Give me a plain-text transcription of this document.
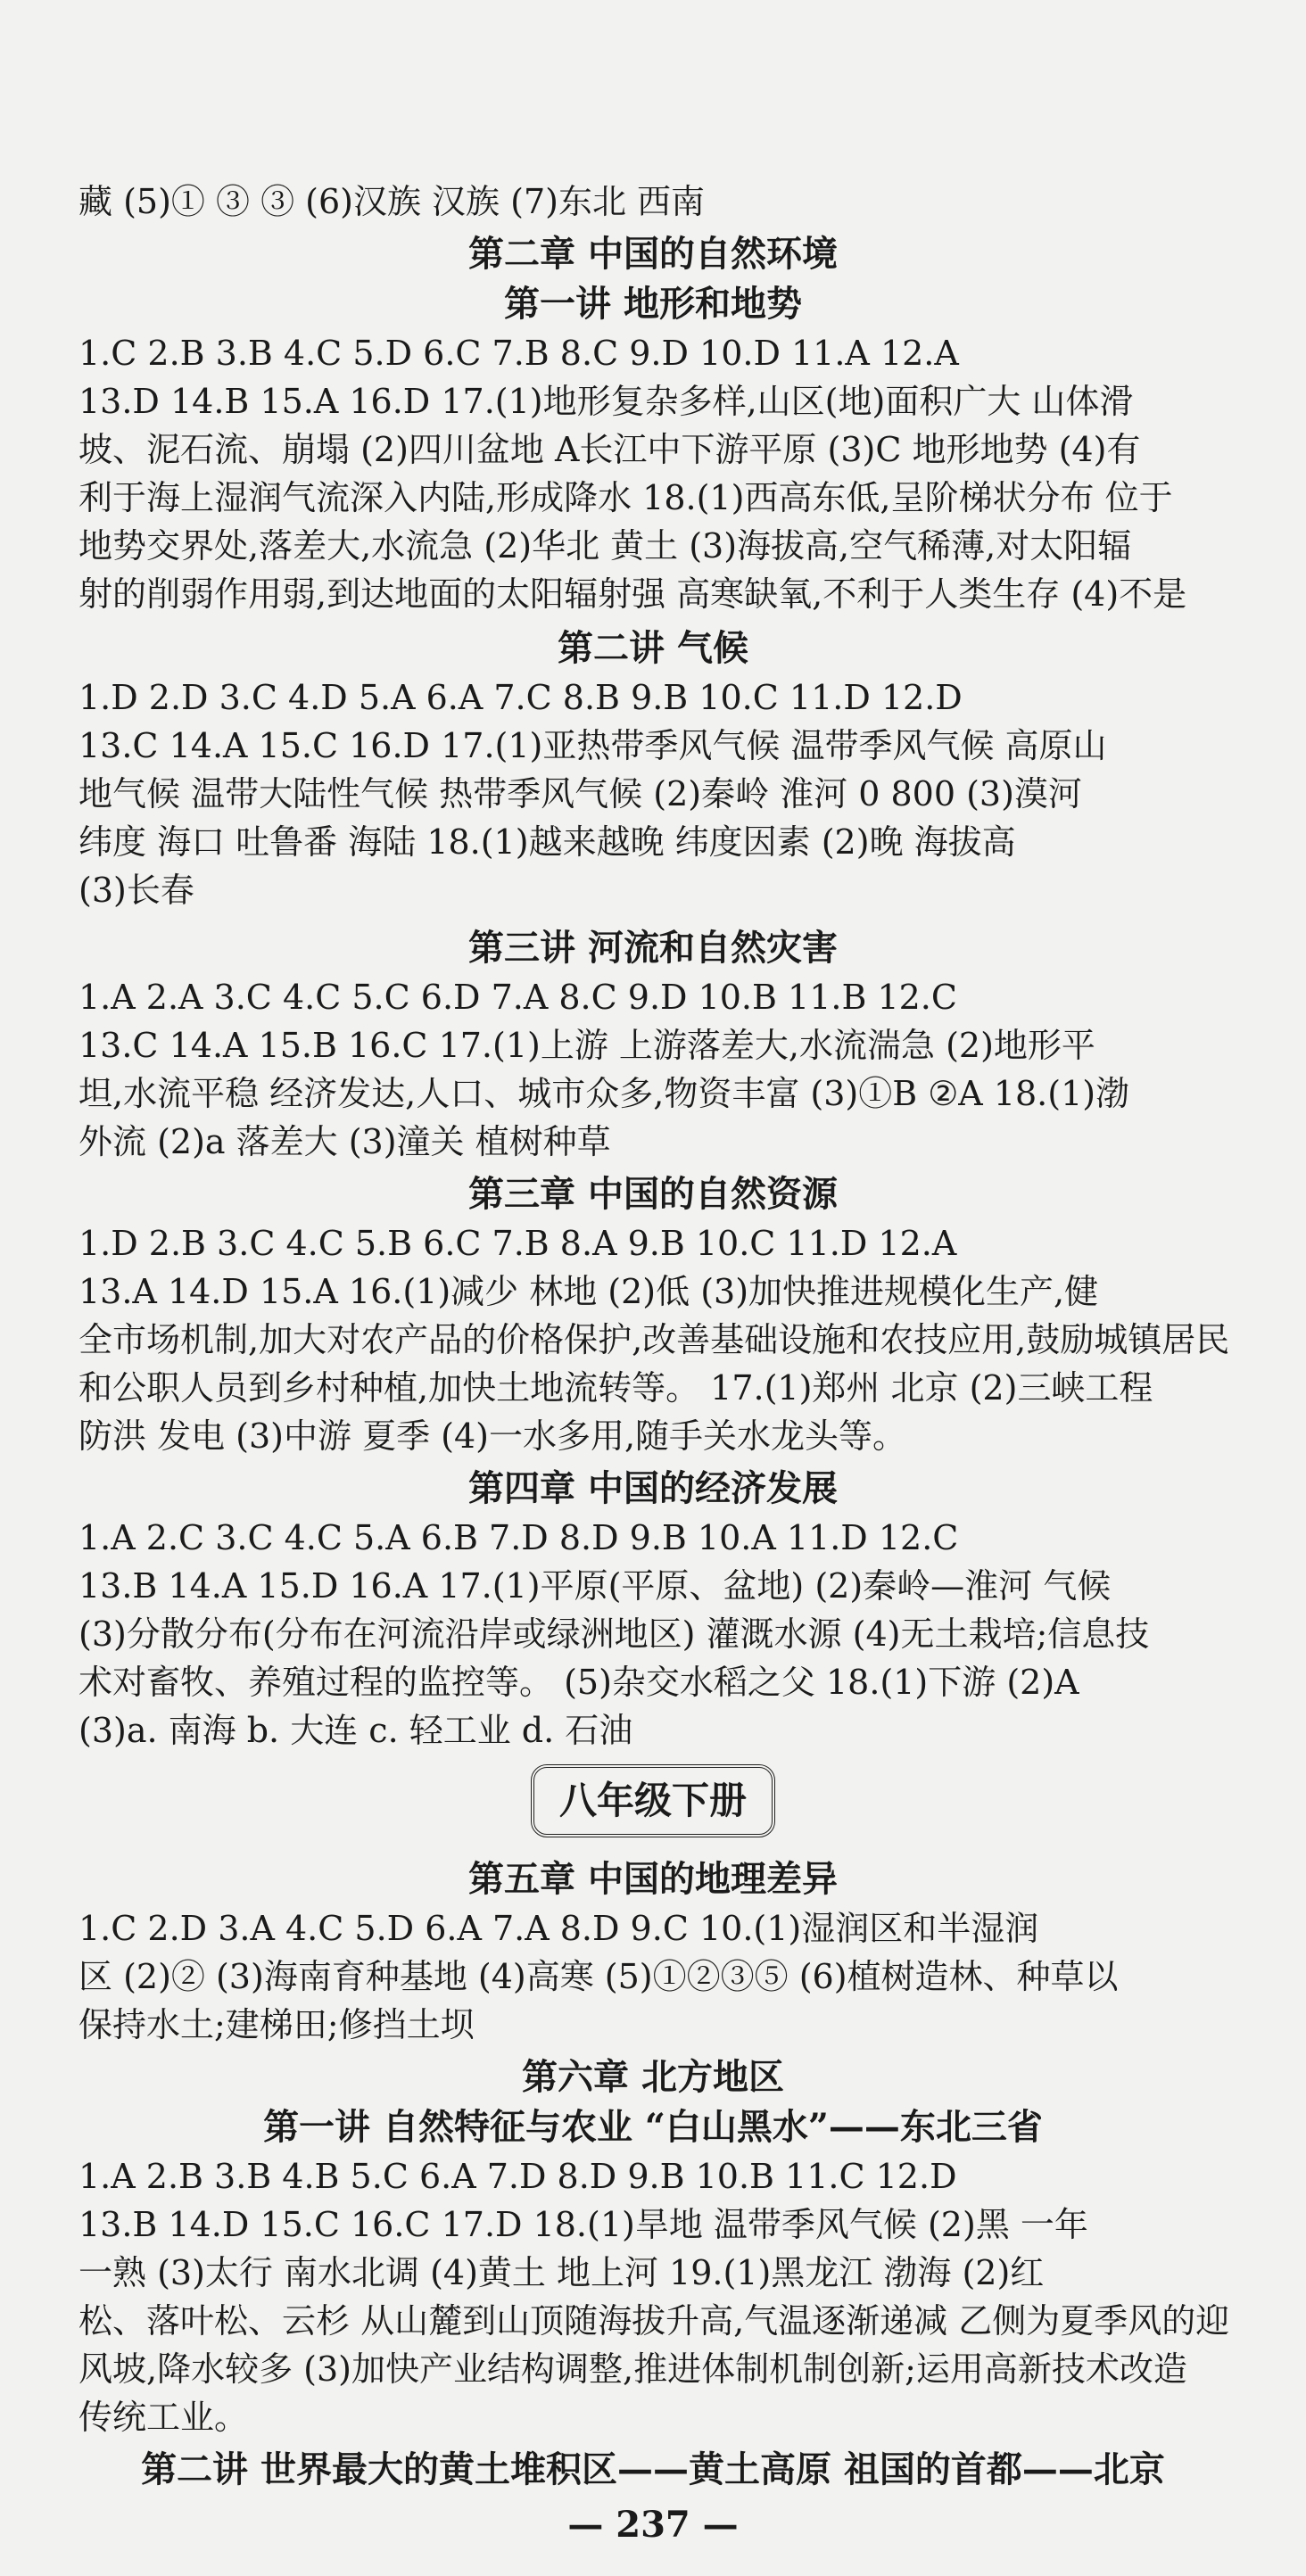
藏 (5)① ③ ③ (6)汉族 汉族 (7)东北 西南
第二章 中国的自然环境
第一讲 地形和地势
1.C 2.B 3.B 4.C 5.D 6.C 7.B 8.C 9.D 10.D 11.A 12.A
13.D 14.B 15.A 16.D 17.(1)地形复杂多样,山区(地)面积广大 山体滑
坡、泥石流、崩塌 (2)四川盆地 A长江中下游平原 (3)C 地形地势 (4)有
利于海上湿润气流深入内陆,形成降水 18.(1)西高东低,呈阶梯状分布 位于
地势交界处,落差大,水流急 (2)华北 黄土 (3)海拔高,空气稀薄,对太阳辐
射的削弱作用弱,到达地面的太阳辐射强 高寒缺氧,不利于人类生存 (4)不是
第二讲 气候
1.D 2.D 3.C 4.D 5.A 6.A 7.C 8.B 9.B 10.C 11.D 12.D
13.C 14.A 15.C 16.D 17.(1)亚热带季风气候 温带季风气候 高原山
地气候 温带大陆性气候 热带季风气候 (2)秦岭 淮河 0 800 (3)漠河
纬度 海口 吐鲁番 海陆 18.(1)越来越晚 纬度因素 (2)晚 海拔高
(3)长春
第三讲 河流和自然灾害
1.A 2.A 3.C 4.C 5.C 6.D 7.A 8.C 9.D 10.B 11.B 12.C
13.C 14.A 15.B 16.C 17.(1)上游 上游落差大,水流湍急 (2)地形平
坦,水流平稳 经济发达,人口、城市众多,物资丰富 (3)①B ②A 18.(1)渤
外流 (2)a 落差大 (3)潼关 植树种草
第三章 中国的自然资源
1.D 2.B 3.C 4.C 5.B 6.C 7.B 8.A 9.B 10.C 11.D 12.A
13.A 14.D 15.A 16.(1)减少 林地 (2)低 (3)加快推进规模化生产,健
全市场机制,加大对农产品的价格保护,改善基础设施和农技应用,鼓励城镇居民
和公职人员到乡村种植,加快土地流转等。 17.(1)郑州 北京 (2)三峡工程
防洪 发电 (3)中游 夏季 (4)一水多用,随手关水龙头等。
第四章 中国的经济发展
1.A 2.C 3.C 4.C 5.A 6.B 7.D 8.D 9.B 10.A 11.D 12.C
13.B 14.A 15.D 16.A 17.(1)平原(平原、盆地) (2)秦岭—淮河 气候
(3)分散分布(分布在河流沿岸或绿洲地区) 灌溉水源 (4)无土栽培;信息技
术对畜牧、养殖过程的监控等。 (5)杂交水稻之父 18.(1)下游 (2)A
(3)a. 南海 b. 大连 c. 轻工业 d. 石油
八年级下册
第五章 中国的地理差异
1.C 2.D 3.A 4.C 5.D 6.A 7.A 8.D 9.C 10.(1)湿润区和半湿润
区 (2)② (3)海南育种基地 (4)高寒 (5)①②③⑤ (6)植树造林、种草以
保持水土;建梯田;修挡土坝
第六章 北方地区
第一讲 自然特征与农业 “白山黑水”——东北三省
1.A 2.B 3.B 4.B 5.C 6.A 7.D 8.D 9.B 10.B 11.C 12.D
13.B 14.D 15.C 16.C 17.D 18.(1)旱地 温带季风气候 (2)黑 一年
一熟 (3)太行 南水北调 (4)黄土 地上河 19.(1)黑龙江 渤海 (2)红
松、落叶松、云杉 从山麓到山顶随海拔升高,气温逐渐递减 乙侧为夏季风的迎
风坡,降水较多 (3)加快产业结构调整,推进体制机制创新;运用高新技术改造
传统工业。
第二讲 世界最大的黄土堆积区——黄土高原 祖国的首都——北京
— 237 —
